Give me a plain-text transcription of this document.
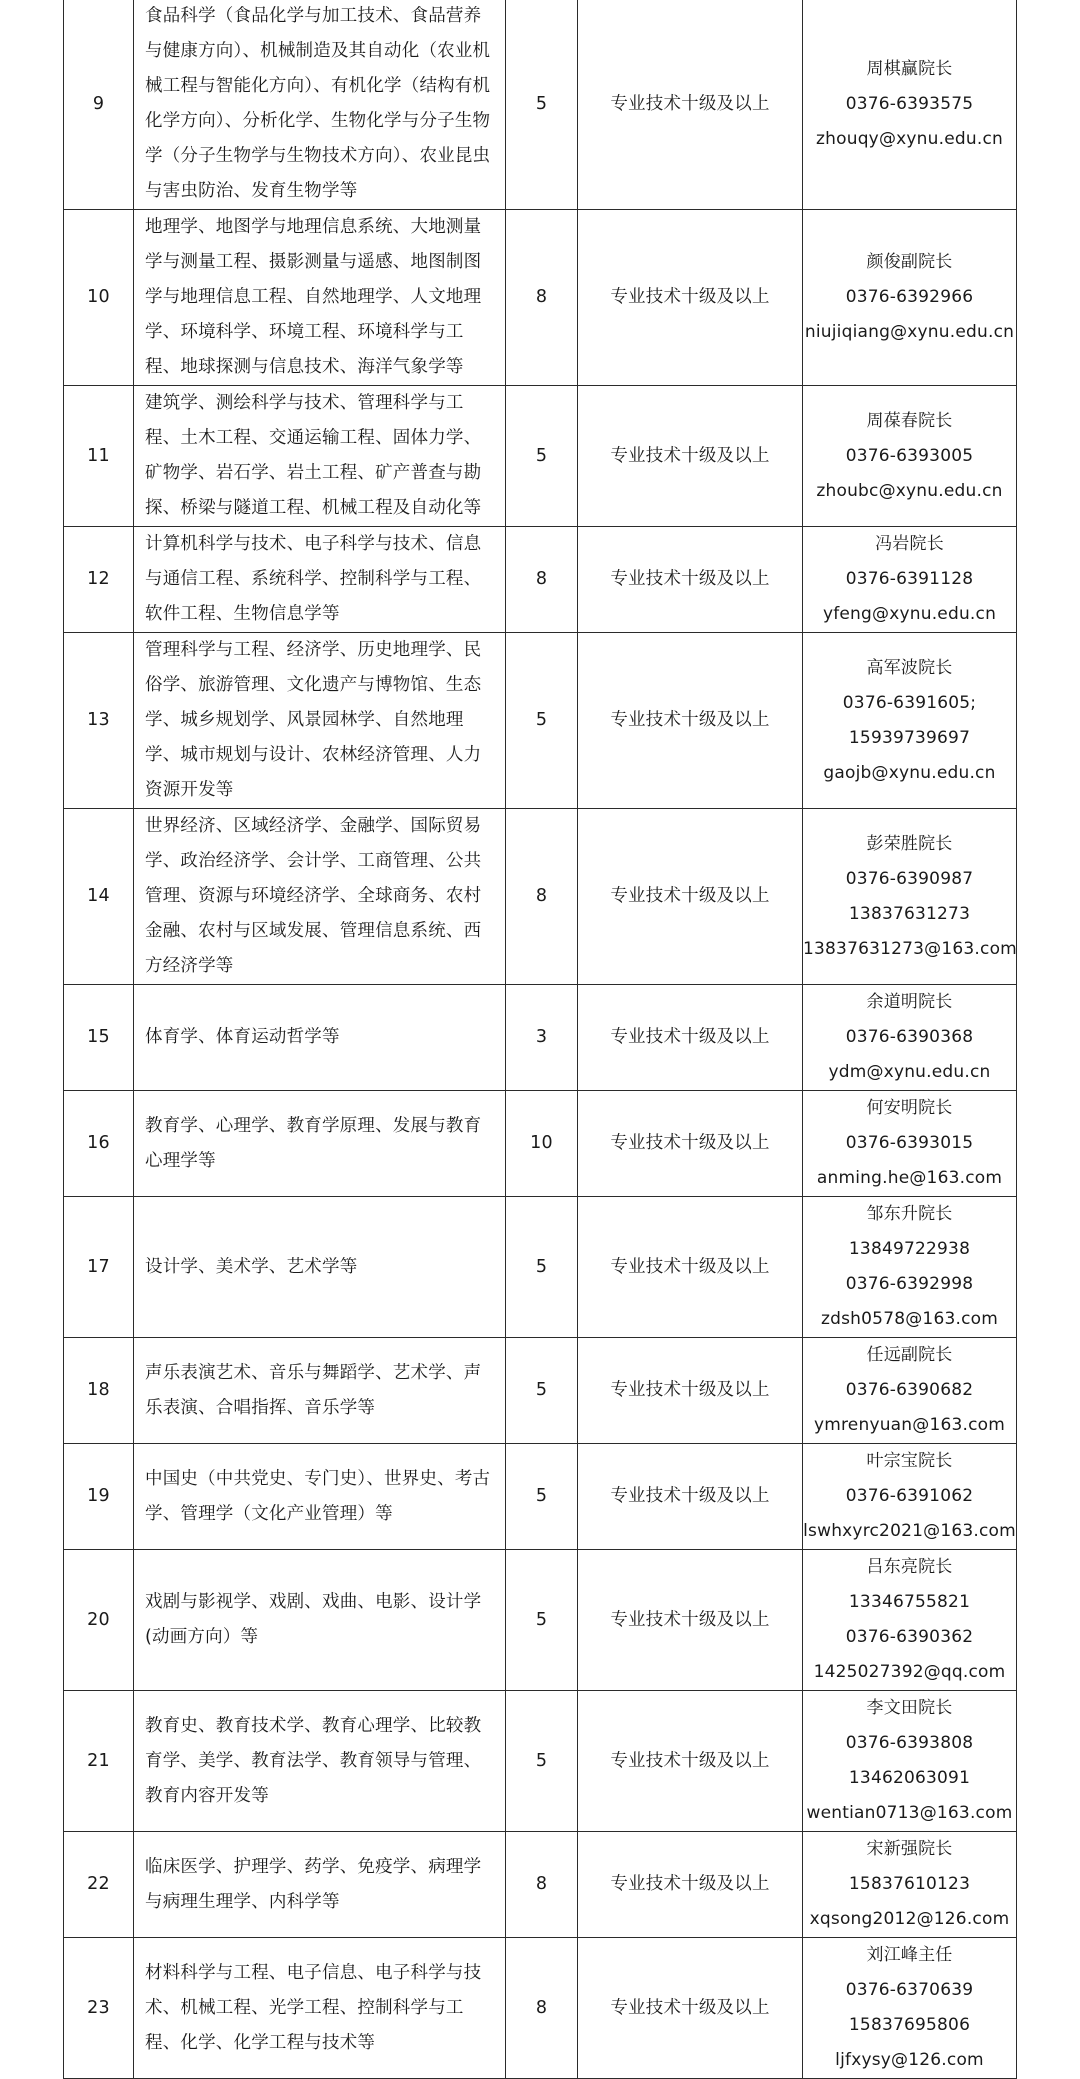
9	食品科学（食品化学与加工技术、食品营养与健康方向）、机械制造及其自动化（农业机械工程与智能化方向）、有机化学（结构有机化学方向）、分析化学、生物化学与分子生物学（分子生物学与生物技术方向）、农业昆虫与害虫防治、发育生物学等	5	专业技术十级及以上	周棋赢院长
0376-6393575
zhouqy@xynu.edu.cn

10	地理学、地图学与地理信息系统、大地测量学与测量工程、摄影测量与遥感、地图制图学与地理信息工程、自然地理学、人文地理学、环境科学、环境工程、环境科学与工程、地球探测与信息技术、海洋气象学等	8	专业技术十级及以上	颜俊副院长
0376-6392966
niujiqiang@xynu.edu.cn

11	建筑学、测绘科学与技术、管理科学与工程、土木工程、交通运输工程、固体力学、矿物学、岩石学、岩土工程、矿产普查与勘探、桥梁与隧道工程、机械工程及自动化等	5	专业技术十级及以上	周葆春院长
0376-6393005
zhoubc@xynu.edu.cn

12	计算机科学与技术、电子科学与技术、信息与通信工程、系统科学、控制科学与工程、软件工程、生物信息学等	8	专业技术十级及以上	冯岩院长
0376-6391128
yfeng@xynu.edu.cn

13	管理科学与工程、经济学、历史地理学、民俗学、旅游管理、文化遗产与博物馆、生态学、城乡规划学、风景园林学、自然地理学、城市规划与设计、农林经济管理、人力资源开发等	5	专业技术十级及以上	高军波院长
0376-6391605;
15939739697
gaojb@xynu.edu.cn

14	世界经济、区域经济学、金融学、国际贸易学、政治经济学、会计学、工商管理、公共管理、资源与环境经济学、全球商务、农村金融、农村与区域发展、管理信息系统、西方经济学等	8	专业技术十级及以上	彭荣胜院长
0376-6390987
13837631273
13837631273@163.com

15	体育学、体育运动哲学等	3	专业技术十级及以上	余道明院长
0376-6390368
ydm@xynu.edu.cn

16	教育学、心理学、教育学原理、发展与教育心理学等	10	专业技术十级及以上	何安明院长
0376-6393015
anming.he@163.com

17	设计学、美术学、艺术学等	5	专业技术十级及以上	邹东升院长
13849722938
0376-6392998
zdsh0578@163.com

18	声乐表演艺术、音乐与舞蹈学、艺术学、声乐表演、合唱指挥、音乐学等	5	专业技术十级及以上	任远副院长
0376-6390682
ymrenyuan@163.com

19	中国史（中共党史、专门史）、世界史、考古学、管理学（文化产业管理）等	5	专业技术十级及以上	叶宗宝院长
0376-6391062
lswhxyrc2021@163.com

20	戏剧与影视学、戏剧、戏曲、电影、设计学(动画方向）等	5	专业技术十级及以上	吕东亮院长
13346755821
0376-6390362
1425027392@qq.com

21	教育史、教育技术学、教育心理学、比较教育学、美学、教育法学、教育领导与管理、教育内容开发等	5	专业技术十级及以上	李文田院长
0376-6393808
13462063091
wentian0713@163.com

22	临床医学、护理学、药学、免疫学、病理学与病理生理学、内科学等	8	专业技术十级及以上	宋新强院长
15837610123
xqsong2012@126.com

23	材料科学与工程、电子信息、电子科学与技术、机械工程、光学工程、控制科学与工程、化学、化学工程与技术等	8	专业技术十级及以上	刘江峰主任
0376-6370639
15837695806
ljfxysy@126.com
